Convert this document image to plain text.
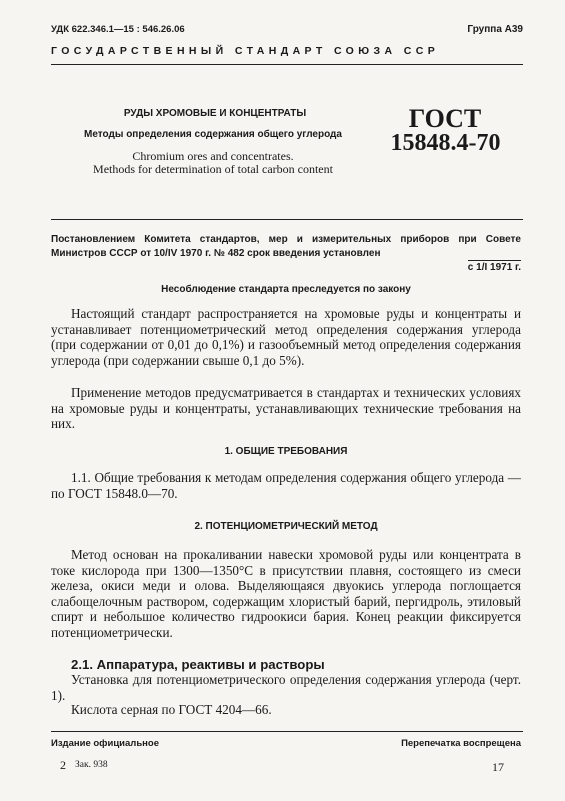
УДК 622.346.1—15 : 546.26.06	Группа А39
ГОСУДАРСТВЕННЫЙ СТАНДАРТ СОЮЗА ССР
РУДЫ ХРОМОВЫЕ И КОНЦЕНТРАТЫ
Методы определения содержания общего углерода
Chromium ores and concentrates.
Methods for determination of total carbon content
ГОСТ
15848.4-70
Постановлением Комитета стандартов, мер и измерительных приборов при Совете Министров СССР от 10/IV 1970 г. № 482 срок введения установлен
с 1/I 1971 г.
Несоблюдение стандарта преследуется по закону
Настоящий стандарт распространяется на хромовые руды и концентраты и устанавливает потенциометрический метод определения содержания углерода (при содержании от 0,01 до 0,1%) и газообъемный метод определения содержания углерода (при содержании свыше 0,1 до 5%).
Применение методов предусматривается в стандартах и технических условиях на хромовые руды и концентраты, устанавливающих технические требования на них.
1. ОБЩИЕ ТРЕБОВАНИЯ
1.1. Общие требования к методам определения содержания общего углерода — по ГОСТ 15848.0—70.
2. ПОТЕНЦИОМЕТРИЧЕСКИЙ МЕТОД
Метод основан на прокаливании навески хромовой руды или концентрата в токе кислорода при 1300—1350°С в присутствии плавня, состоящего из смеси железа, окиси меди и олова. Выделяющаяся двуокись углерода поглощается слабощелочным раствором, содержащим хлористый барий, пергидроль, этиловый спирт и небольшое количество гидроокиси бария. Конец реакции фиксируется потенциометрически.
2.1. Аппаратура, реактивы и растворы
Установка для потенциометрического определения содержания углерода (черт. 1).
Кислота серная по ГОСТ 4204—66.
Издание официальное	Перепечатка воспрещена
2 Зак. 938	17
